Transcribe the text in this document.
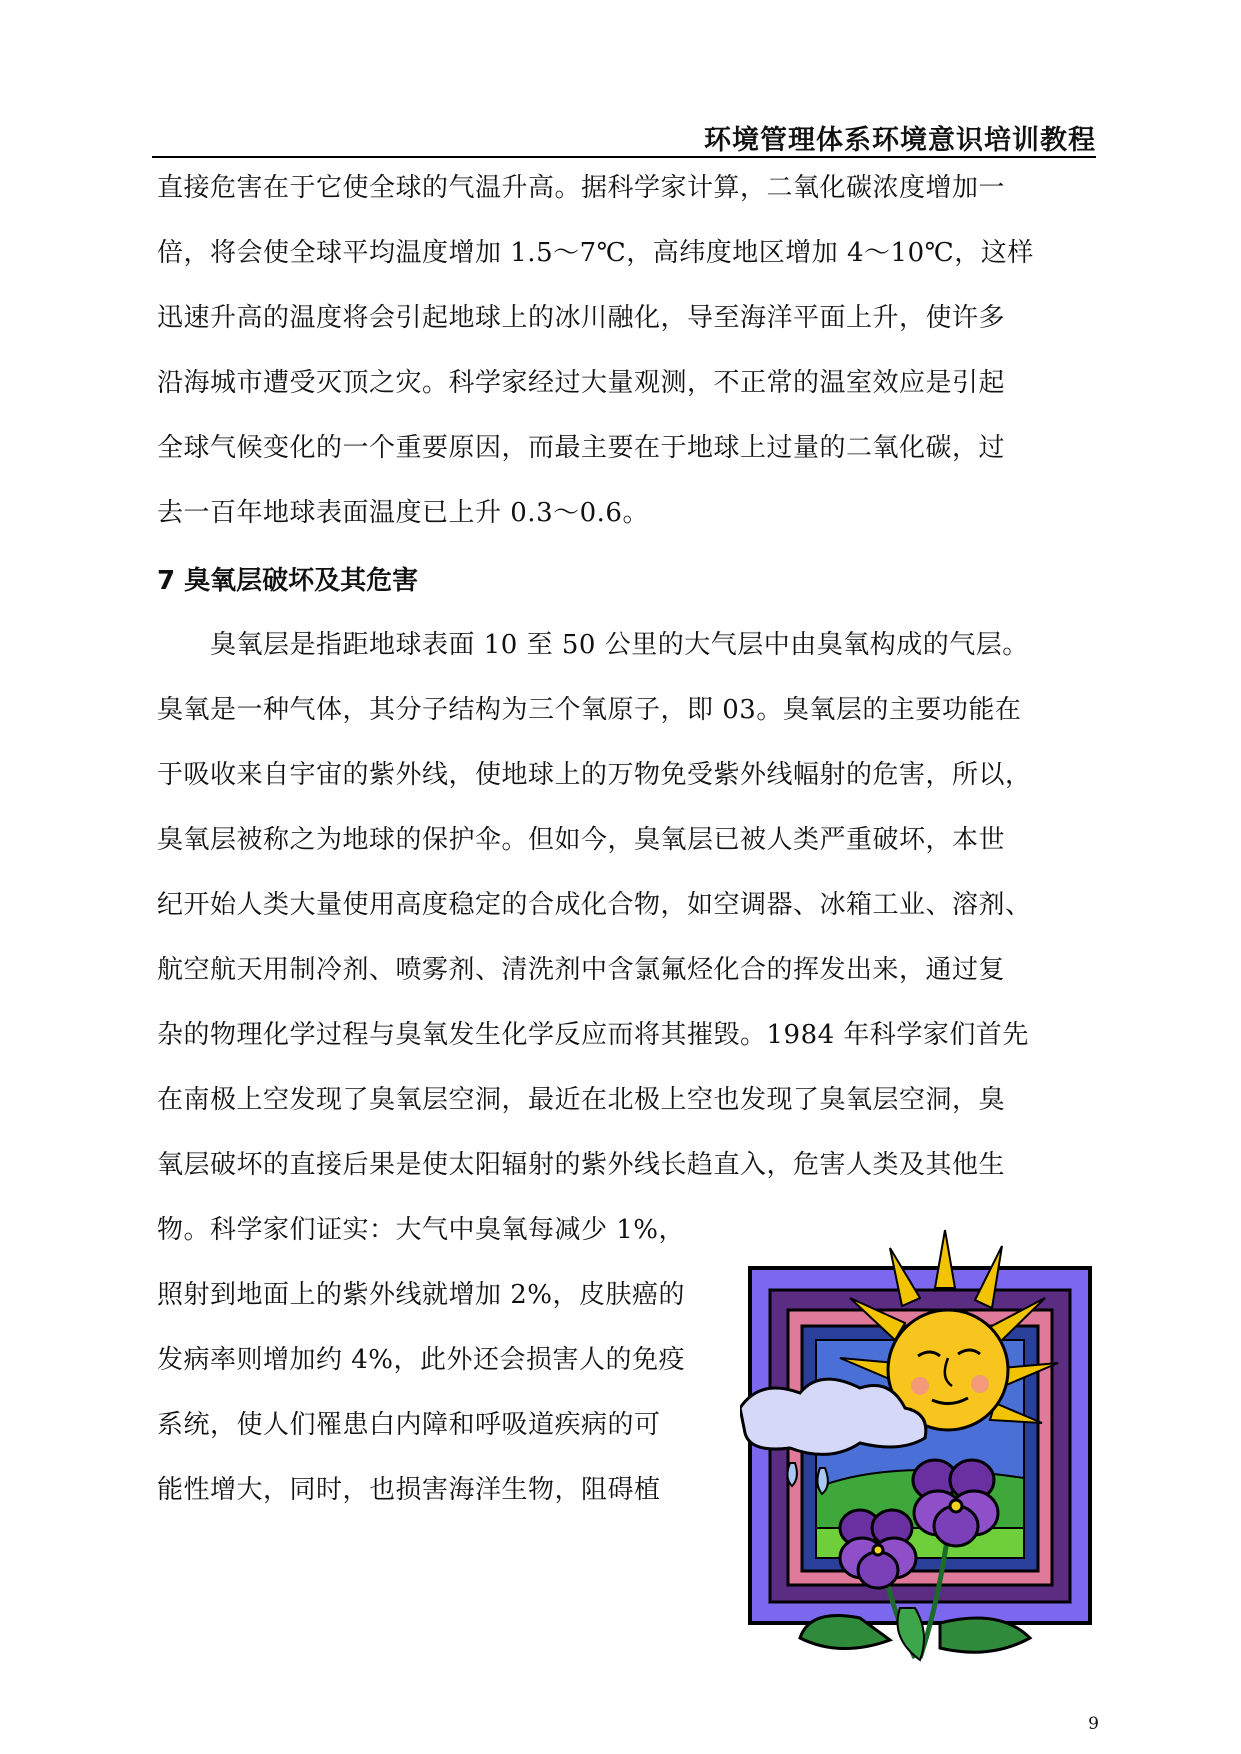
环境管理体系环境意识培训教程
直接危害在于它使全球的气温升高。据科学家计算，二氧化碳浓度增加一
倍，将会使全球平均温度增加 1.5～7℃，高纬度地区增加 4～10℃，这样
迅速升高的温度将会引起地球上的冰川融化，导至海洋平面上升，使许多
沿海城市遭受灭顶之灾。科学家经过大量观测，不正常的温室效应是引起
全球气候变化的一个重要原因，而最主要在于地球上过量的二氧化碳，过
去一百年地球表面温度已上升 0.3～0.6。
7 臭氧层破坏及其危害
　　臭氧层是指距地球表面 10 至 50 公里的大气层中由臭氧构成的气层。
臭氧是一种气体，其分子结构为三个氧原子，即 03。臭氧层的主要功能在
于吸收来自宇宙的紫外线，使地球上的万物免受紫外线幅射的危害，所以，
臭氧层被称之为地球的保护伞。但如今，臭氧层已被人类严重破坏，本世
纪开始人类大量使用高度稳定的合成化合物，如空调器、冰箱工业、溶剂、
航空航天用制冷剂、喷雾剂、清洗剂中含氯氟烃化合的挥发出来，通过复
杂的物理化学过程与臭氧发生化学反应而将其摧毁。1984 年科学家们首先
在南极上空发现了臭氧层空洞，最近在北极上空也发现了臭氧层空洞，臭
氧层破坏的直接后果是使太阳辐射的紫外线长趋直入，危害人类及其他生
物。科学家们证实：大气中臭氧每减少 1%，
照射到地面上的紫外线就增加 2%，皮肤癌的
发病率则增加约 4%，此外还会损害人的免疫
系统，使人们罹患白内障和呼吸道疾病的可
能性增大，同时，也损害海洋生物，阻碍植
9
